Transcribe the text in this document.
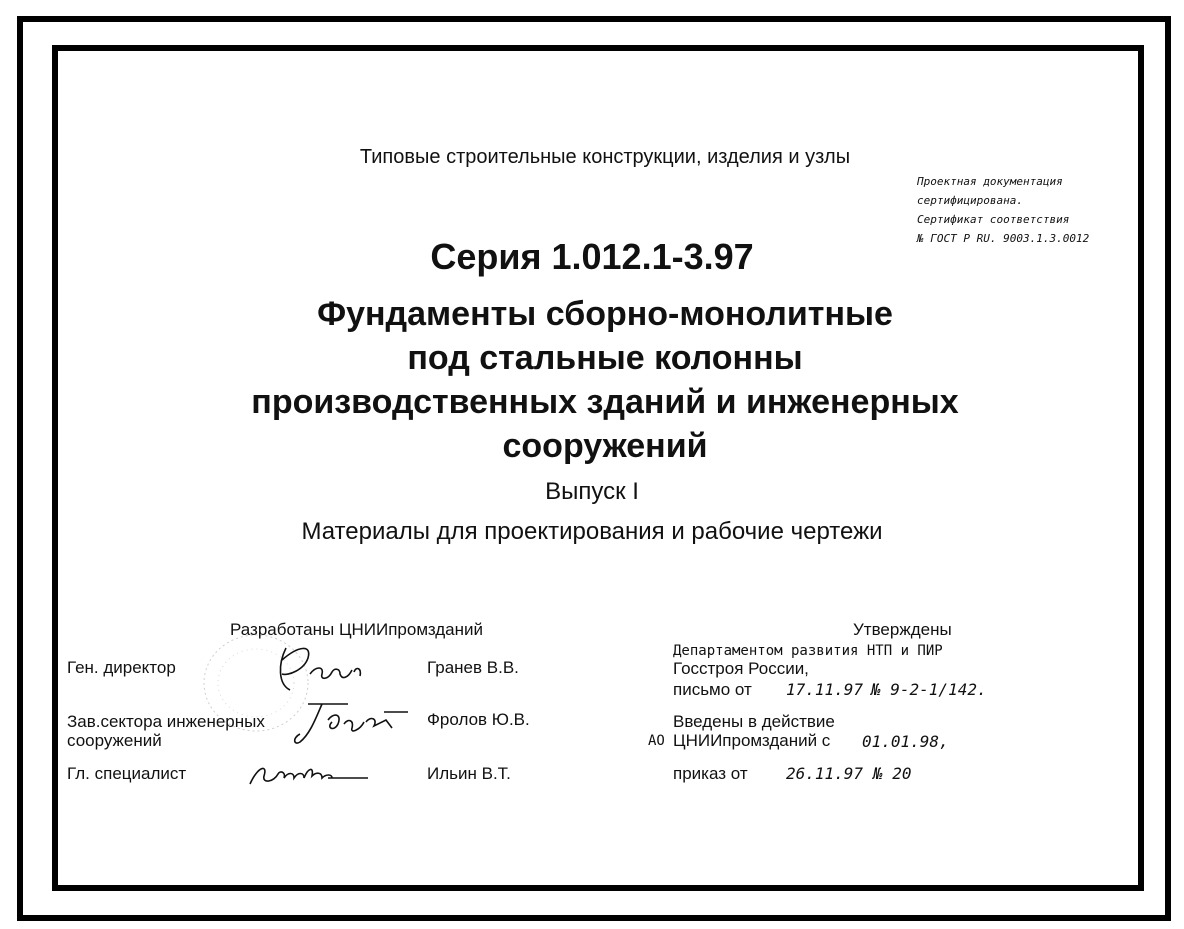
Типовые строительные конструкции, изделия и узлы
Проектная документация
сертифицирована.
Сертификат соответствия
№ ГОСТ Р RU. 9003.1.3.0012
Серия 1.012.1-3.97
Фундаменты сборно-монолитные
под стальные колонны
производственных зданий и инженерных
сооружений
Выпуск I
Материалы для проектирования и рабочие чертежи
Разработаны ЦНИИпромзданий
Ген. директор
Зав.сектора инженерных
сооружений
Гл. специалист
Гранев В.В.
Фролов Ю.В.
Ильин В.Т.
Утверждены
Департаментом развития НТП и ПИР
Госстроя России,
письмо от 17.11.97 № 9-2-1/142.
Введены в действие
АО ЦНИИпромзданий с 01.01.98,
приказ от 26.11.97 № 20
